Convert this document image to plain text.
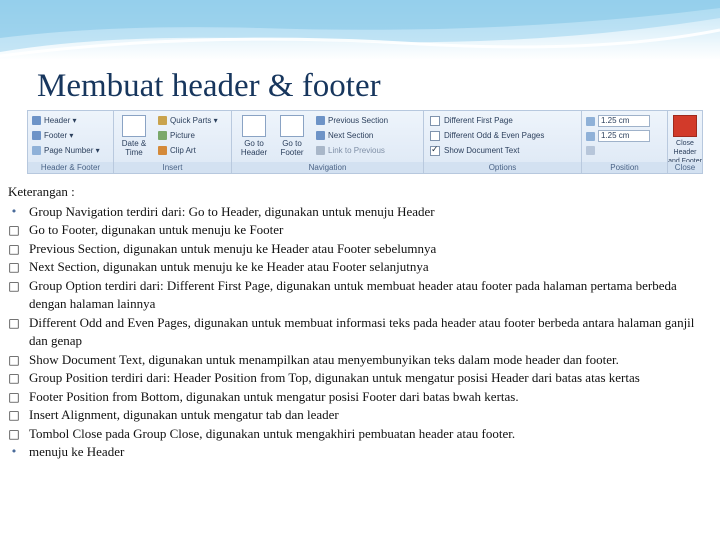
Membuat header & footer
Header ▾
Footer ▾
Page Number ▾
Header & Footer
Date & Time
Quick Parts ▾
Picture
Clip Art
Insert
Go to Header
Go to Footer
Previous Section
Next Section
Link to Previous
Navigation
Different First Page
Different Odd & Even Pages
✓Show Document Text
Options
1.25 cm
1.25 cm
Position
Close Header
Close
Keterangan :
• Group Navigation terdiri dari: Go to Header, digunakan untuk menuju Header
□ Go to Footer, digunakan untuk menuju ke Footer
□ Previous Section, digunakan untuk menuju ke Header atau Footer sebelumnya
□ Next Section, digunakan untuk menuju ke ke Header atau Footer selanjutnya
□ Group Option terdiri dari: Different First Page, digunakan untuk membuat header atau footer pada halaman pertama berbeda dengan halaman lainnya
□ Different Odd and Even Pages, digunakan untuk membuat informasi teks pada header atau footer berbeda antara halaman ganjil dan genap
□ Show Document Text, digunakan untuk menampilkan atau menyembunyikan teks dalam mode header dan footer.
□ Group Position terdiri dari: Header Position from Top, digunakan untuk mengatur posisi Header dari batas atas kertas
□ Footer Position from Bottom, digunakan untuk mengatur posisi Footer dari batas bwah kertas.
□ Insert Alignment, digunakan untuk mengatur tab dan leader
□ Tombol Close pada Group Close, digunakan untuk mengakhiri pembuatan header atau footer.
• menuju ke Header
